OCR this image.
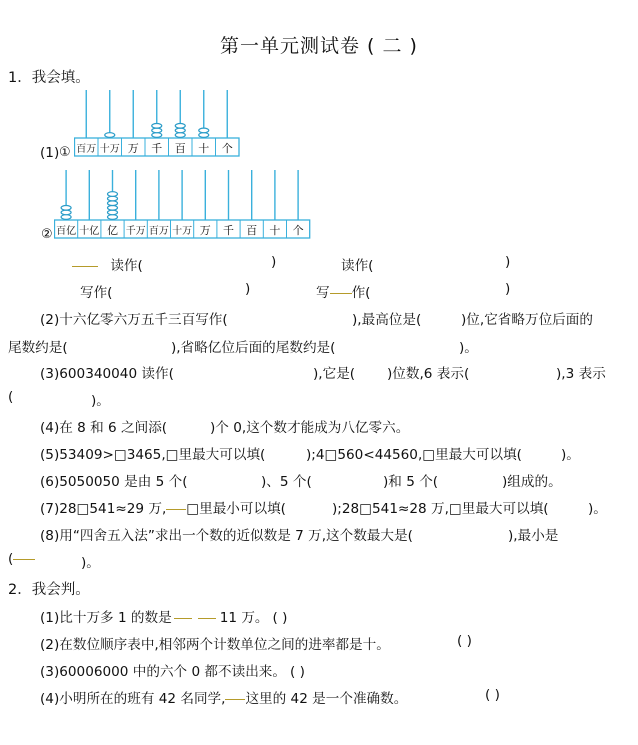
第一单元测试卷 ( 二 )
1．我会填。
(1) ① 百万 十万 万 千 百 十 个
② 百亿 十亿 亿 千万 百万 十万 万 千 百 十 个
读作(	)	读作(	)
写作(	)	写 作(	)
(2)十六亿零六万五千三百写作(	),最高位是(	)位,它省略万位后面的
尾数约是(	),省略亿位后面的尾数约是(	)。
(3)600340040 读作(	),它是( )位数,6 表示(	),3 表示
(	)。
(4)在 8 和 6 之间添(	)个 0,这个数才能成为八亿零六。
(5)53409>□3465,□里最大可以填(	);4□560<44560,□里最大可以填(	)。
(6)5050050 是由 5 个(	)、5 个(	)和 5 个(	)组成的。
(7)28□541≈29 万, □里最小可以填(	);28□541≈28 万,□里最大可以填(	)。
(8)用“四舍五入法”求出一个数的近似数是 7 万,这个数最大是(	),最小是
(	)。
2．我会判。
(1)比十万多 1 的数是	11 万。 ( )
(2)在数位顺序表中,相邻两个计数单位之间的进率都是十。	( )
(3)60006000 中的六个 0 都不读出来。 ( )
(4)小明所在的班有 42 名同学, 这里的 42 是一个准确数。	( )
